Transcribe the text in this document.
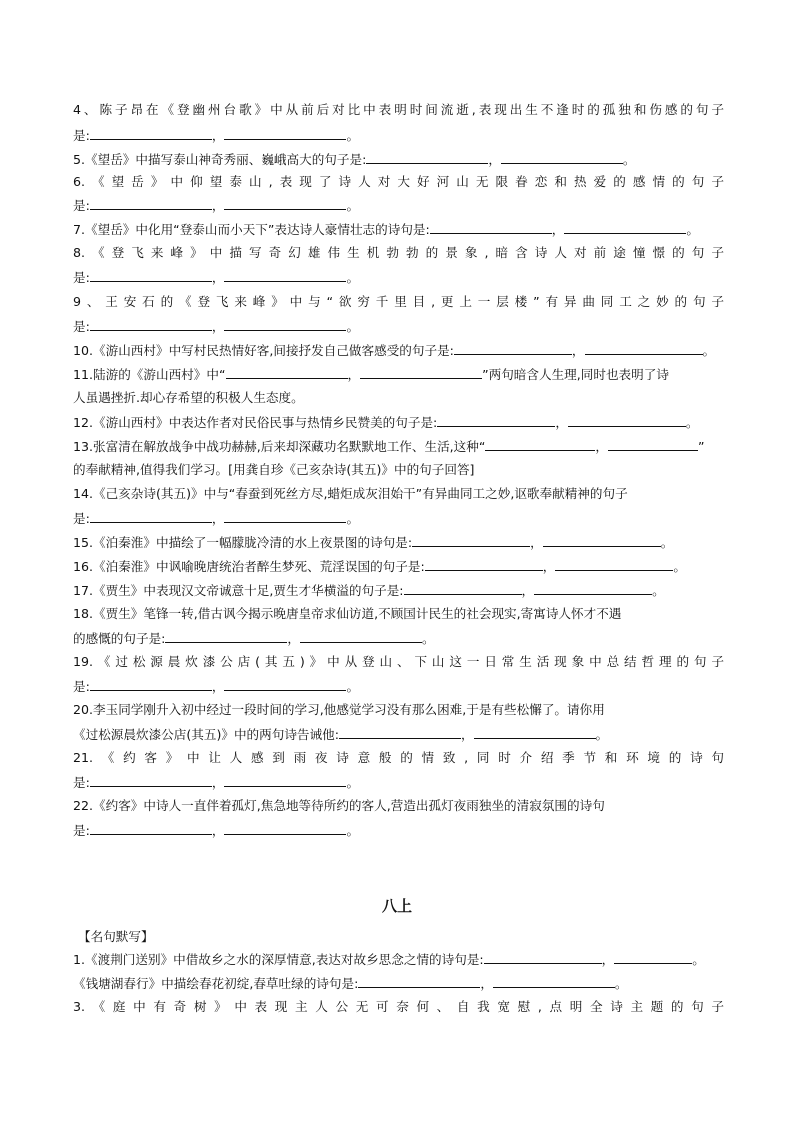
4、陈子昂在《登幽州台歌》中从前后对比中表明时间流逝,表现出生不逢时的孤独和伤感的句子
是:	，	。
5.《望岳》中描写泰山神奇秀丽、巍峨高大的句子是:	，	。
6.《望岳》中仰望泰山,表现了诗人对大好河山无限眷恋和热爱的感情的句子
是:	，	。
7.《望岳》中化用“登泰山而小天下”表达诗人豪情壮志的诗句是:	，	。
8.《登飞来峰》中描写奇幻雄伟生机勃勃的景象,暗含诗人对前途憧憬的句子
是:	，	。
9、王安石的《登飞来峰》中与“欲穷千里目,更上一层楼”有异曲同工之妙的句子
是:	，	。
10.《游山西村》中写村民热情好客,间接抒发自己做客感受的句子是:	，	。
11.陆游的《游山西村》中“	，	”两句暗含人生理,同时也表明了诗
人虽遇挫折.却心存希望的积极人生态度。
12.《游山西村》中表达作者对民俗民事与热情乡民赞美的句子是:	，	。
13.张富清在解放战争中战功赫赫,后来却深藏功名默默地工作、生活,这种“	，	”
的奉献精神,值得我们学习。[用龚自珍《己亥杂诗(其五)》中的句子回答]
14.《己亥杂诗(其五)》中与“春蚕到死丝方尽,蜡炬成灰泪始干”有异曲同工之妙,讴歌奉献精神的句子
是:	，	。
15.《泊秦淮》中描绘了一幅朦胧冷清的水上夜景图的诗句是:	，	。
16.《泊秦淮》中讽喻晚唐统治者醉生梦死、荒淫误国的句子是:	，	。
17.《贾生》中表现汉文帝诚意十足,贾生才华横溢的句子是:	，	。
18.《贾生》笔锋一转,借古讽今揭示晚唐皇帝求仙访道,不顾国计民生的社会现实,寄寓诗人怀才不遇
的感慨的句子是:	，	。
19.《过松源晨炊漆公店(其五)》中从登山、下山这一日常生活现象中总结哲理的句子
是:	，	。
20.李玉同学刚升入初中经过一段时间的学习,他感觉学习没有那么困难,于是有些松懈了。请你用
《过松源晨炊漆公店(其五)》中的两句诗告诫他:	，	。
21.《约客》中让人感到雨夜诗意般的情致,同时介绍季节和环境的诗句
是:	，	。
22.《约客》中诗人一直伴着孤灯,焦急地等待所约的客人,营造出孤灯夜雨独坐的清寂氛围的诗句
是:	，	。
八上
【名句默写】
1.《渡荆门送别》中借故乡之水的深厚情意,表达对故乡思念之情的诗句是:	，	。
《钱塘湖春行》中描绘春花初绽,春草吐绿的诗句是:	，	。
3.《庭中有奇树》中表现主人公无可奈何、自我宽慰,点明全诗主题的句子
